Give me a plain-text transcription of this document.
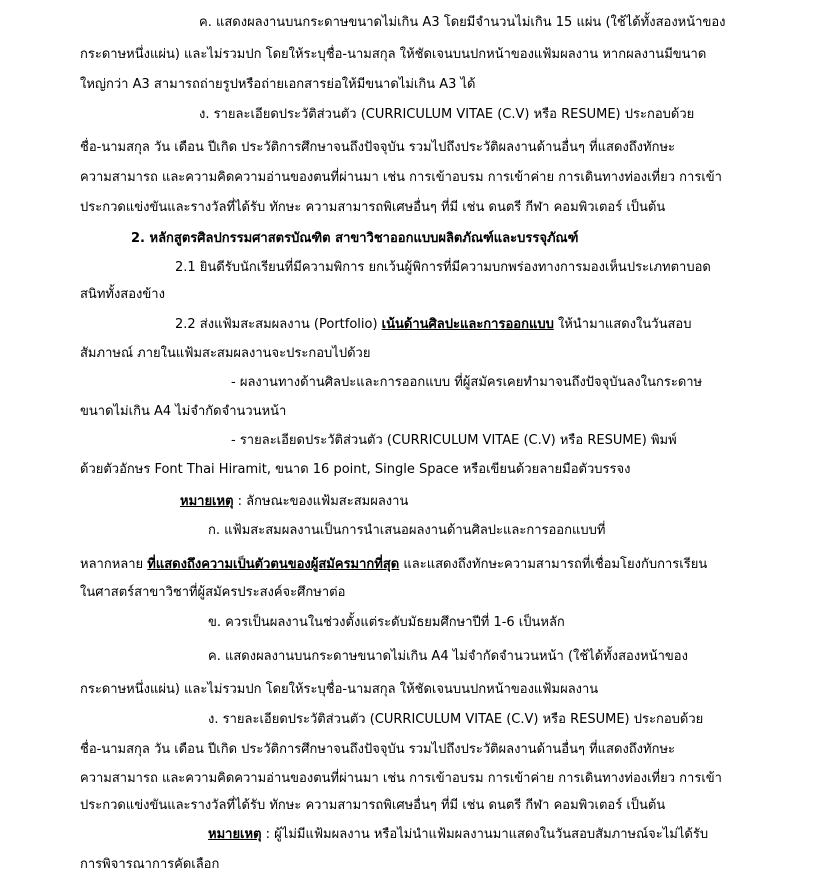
ค. แสดงผลงานบนกระดาษขนาดไม่เกิน A3 โดยมีจำนวนไม่เกิน 15 แผ่น (ใช้ได้ทั้งสองหน้าของ
กระดาษหนึ่งแผ่น) และไม่รวมปก โดยให้ระบุชื่อ-นามสกุล ให้ชัดเจนบนปกหน้าของแฟ้มผลงาน หากผลงานมีขนาด
ใหญ่กว่า A3 สามารถถ่ายรูปหรือถ่ายเอกสารย่อให้มีขนาดไม่เกิน A3 ได้
ง. รายละเอียดประวัติส่วนตัว (CURRICULUM VITAE (C.V) หรือ RESUME) ประกอบด้วย
ชื่อ-นามสกุล วัน เดือน ปีเกิด ประวัติการศึกษาจนถึงปัจจุบัน รวมไปถึงประวัติผลงานด้านอื่นๆ ที่แสดงถึงทักษะ
ความสามารถ และความคิดความอ่านของตนที่ผ่านมา เช่น การเข้าอบรม การเข้าค่าย การเดินทางท่องเที่ยว การเข้า
ประกวดแข่งขันและรางวัลที่ได้รับ ทักษะ ความสามารถพิเศษอื่นๆ ที่มี เช่น ดนตรี กีฬา คอมพิวเตอร์ เป็นต้น
2. หลักสูตรศิลปกรรมศาสตรบัณฑิต สาขาวิชาออกแบบผลิตภัณฑ์และบรรจุภัณฑ์
2.1 ยินดีรับนักเรียนที่มีความพิการ ยกเว้นผู้พิการที่มีความบกพร่องทางการมองเห็นประเภทตาบอด
สนิททั้งสองข้าง
2.2 ส่งแฟ้มสะสมผลงาน (Portfolio) เน้นด้านศิลปะและการออกแบบ ให้นำมาแสดงในวันสอบ
สัมภาษณ์ ภายในแฟ้มสะสมผลงานจะประกอบไปด้วย
- ผลงานทางด้านศิลปะและการออกแบบ ที่ผู้สมัครเคยทำมาจนถึงปัจจุบันลงในกระดาษ
ขนาดไม่เกิน A4 ไม่จำกัดจำนวนหน้า
- รายละเอียดประวัติส่วนตัว (CURRICULUM VITAE (C.V) หรือ RESUME) พิมพ์
ด้วยตัวอักษร Font Thai Hiramit, ขนาด 16 point, Single Space หรือเขียนด้วยลายมือตัวบรรจง
หมายเหตุ : ลักษณะของแฟ้มสะสมผลงาน
ก. แฟ้มสะสมผลงานเป็นการนำเสนอผลงานด้านศิลปะและการออกแบบที่
หลากหลาย ที่แสดงถึงความเป็นตัวตนของผู้สมัครมากที่สุด และแสดงถึงทักษะความสามารถที่เชื่อมโยงกับการเรียน
ในศาสตร์สาขาวิชาที่ผู้สมัครประสงค์จะศึกษาต่อ
ข. ควรเป็นผลงานในช่วงตั้งแต่ระดับมัธยมศึกษาปีที่ 1-6 เป็นหลัก
ค. แสดงผลงานบนกระดาษขนาดไม่เกิน A4 ไม่จำกัดจำนวนหน้า (ใช้ได้ทั้งสองหน้าของ
กระดาษหนึ่งแผ่น) และไม่รวมปก โดยให้ระบุชื่อ-นามสกุล ให้ชัดเจนบนปกหน้าของแฟ้มผลงาน
ง. รายละเอียดประวัติส่วนตัว (CURRICULUM VITAE (C.V) หรือ RESUME) ประกอบด้วย
ชื่อ-นามสกุล วัน เดือน ปีเกิด ประวัติการศึกษาจนถึงปัจจุบัน รวมไปถึงประวัติผลงานด้านอื่นๆ ที่แสดงถึงทักษะ
ความสามารถ และความคิดความอ่านของตนที่ผ่านมา เช่น การเข้าอบรม การเข้าค่าย การเดินทางท่องเที่ยว การเข้า
ประกวดแข่งขันและรางวัลที่ได้รับ ทักษะ ความสามารถพิเศษอื่นๆ ที่มี เช่น ดนตรี กีฬา คอมพิวเตอร์ เป็นต้น
หมายเหตุ : ผู้ไม่มีแฟ้มผลงาน หรือไม่นำแฟ้มผลงานมาแสดงในวันสอบสัมภาษณ์จะไม่ได้รับ
การพิจารณาการคัดเลือก
